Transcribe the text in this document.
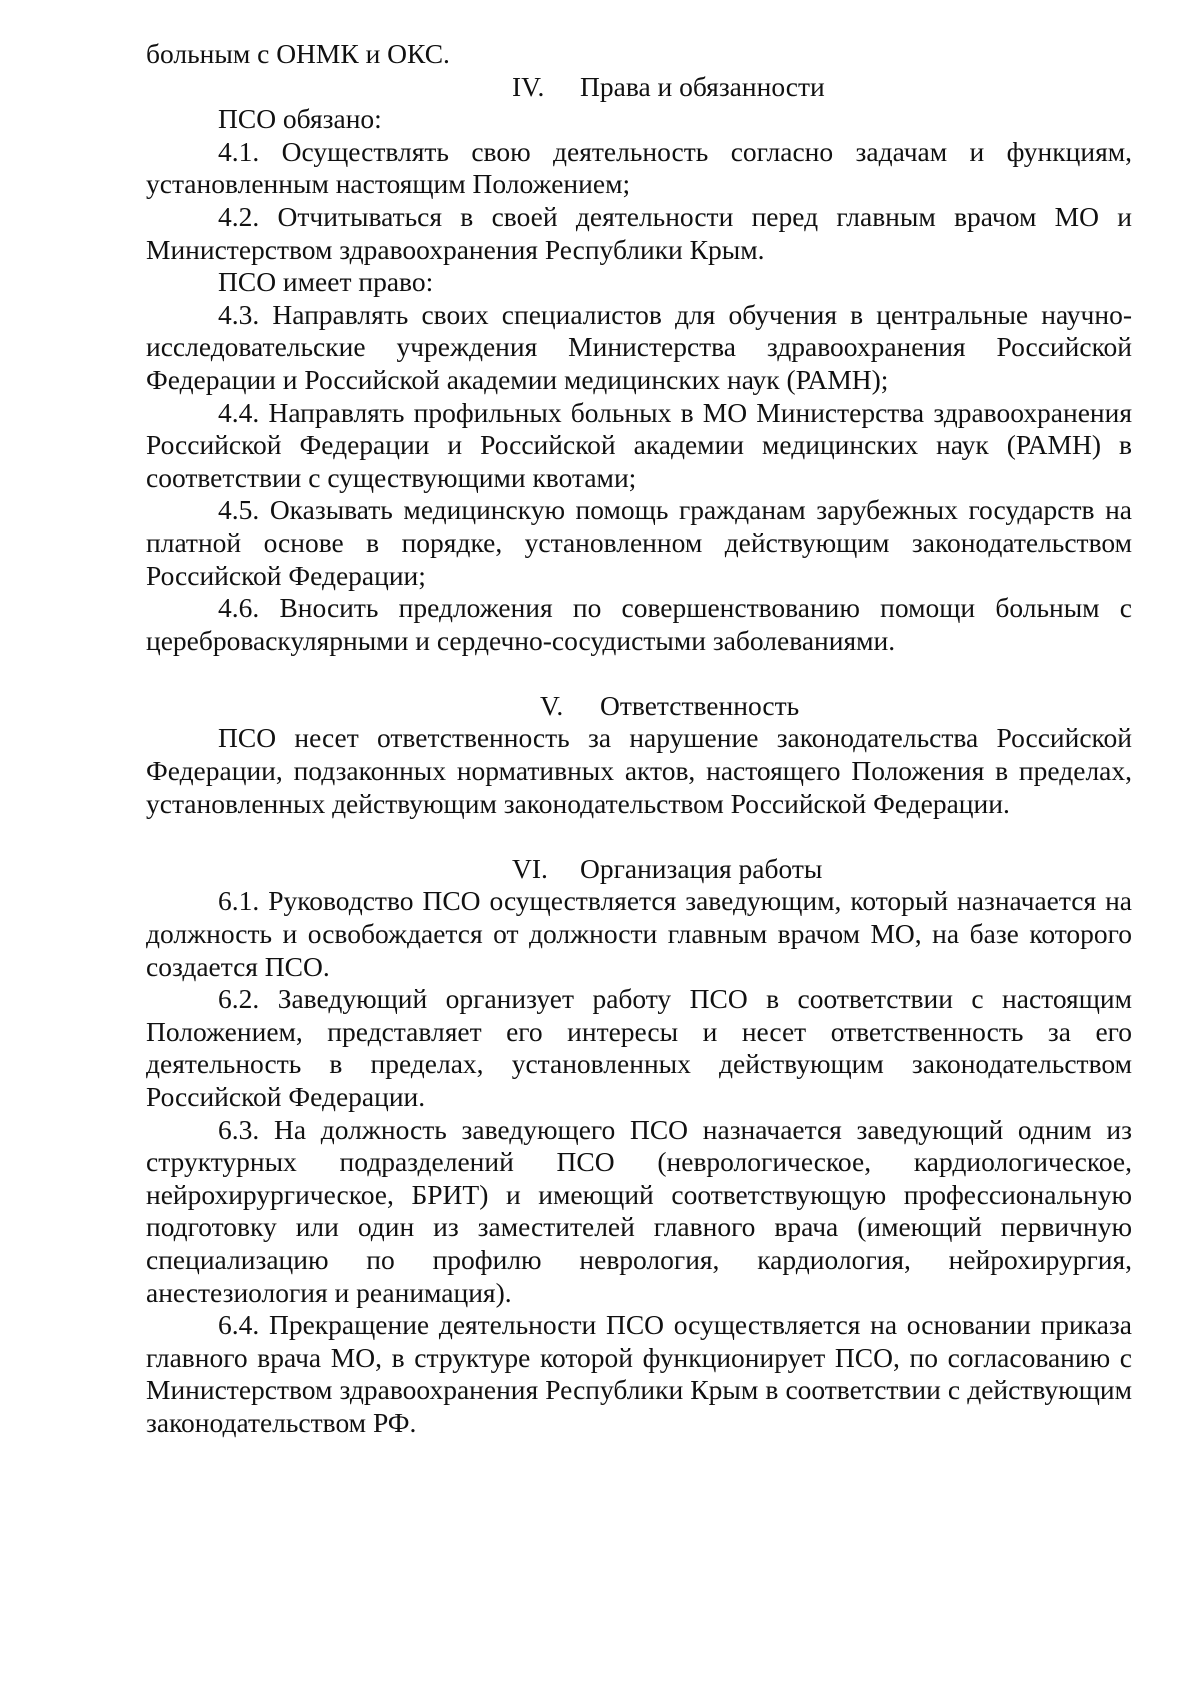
больным с ОНМК и ОКС.

IV. Права и обязанности

ПСО обязано:

4.1. Осуществлять свою деятельность согласно задачам и функциям, установленным настоящим Положением;

4.2. Отчитываться в своей деятельности перед главным врачом МО и Министерством здравоохранения Республики Крым.

ПСО имеет право:

4.3. Направлять своих специалистов для обучения в центральные научно-исследовательские учреждения Министерства здравоохранения Российской Федерации и Российской академии медицинских наук (РАМН);

4.4. Направлять профильных больных в МО Министерства здравоохранения Российской Федерации и Российской академии медицинских наук (РАМН) в соответствии с существующими квотами;

4.5. Оказывать медицинскую помощь гражданам зарубежных государств на платной основе в порядке, установленном действующим законодательством Российской Федерации;

4.6. Вносить предложения по совершенствованию помощи больным с цереброваскулярными и сердечно-сосудистыми заболеваниями.

V. Ответственность

ПСО несет ответственность за нарушение законодательства Российской Федерации, подзаконных нормативных актов, настоящего Положения в пределах, установленных действующим законодательством Российской Федерации.

VI. Организация работы

6.1. Руководство ПСО осуществляется заведующим, который назначается на должность и освобождается от должности главным врачом МО, на базе которого создается ПСО.

6.2. Заведующий организует работу ПСО в соответствии с настоящим Положением, представляет его интересы и несет ответственность за его деятельность в пределах, установленных действующим законодательством Российской Федерации.

6.3. На должность заведующего ПСО назначается заведующий одним из структурных подразделений ПСО (неврологическое, кардиологическое, нейрохирургическое, БРИТ) и имеющий соответствующую профессиональную подготовку или один из заместителей главного врача (имеющий первичную специализацию по профилю неврология, кардиология, нейрохирургия, анестезиология и реанимация).

6.4. Прекращение деятельности ПСО осуществляется на основании приказа главного врача МО, в структуре которой функционирует ПСО, по согласованию с Министерством здравоохранения Республики Крым в соответствии с действующим законодательством РФ.
